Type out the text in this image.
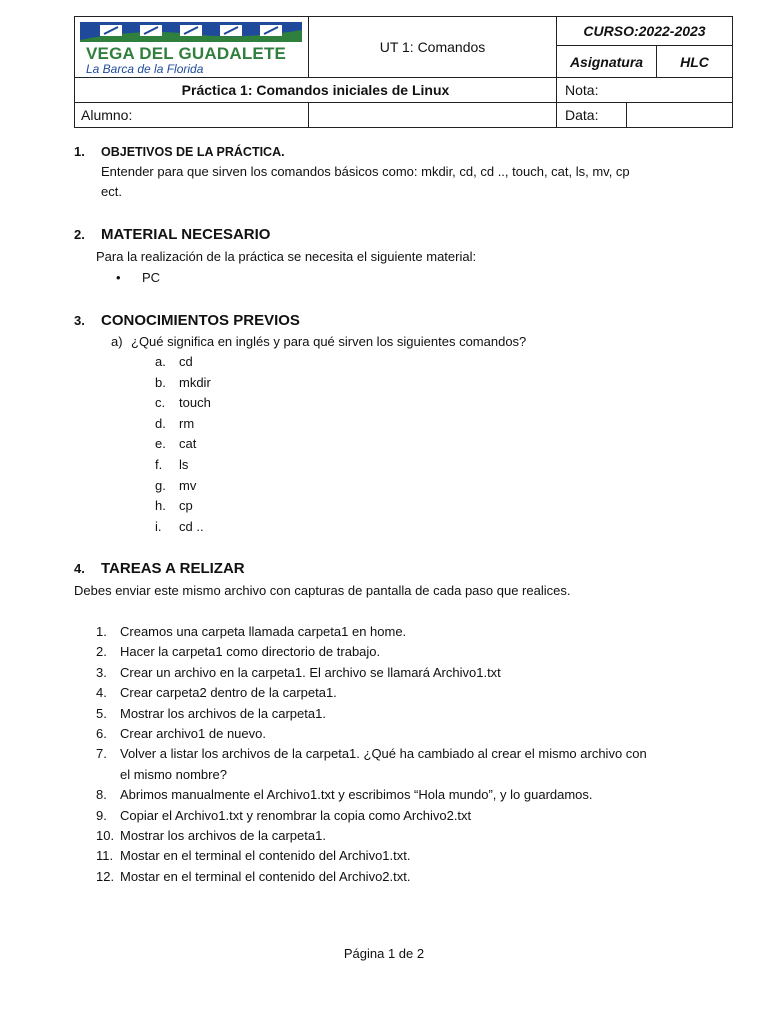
VEGA DEL GUADALETE
La Barca de la Florida	UT 1: Comandos	CURSO:2022-2023		
		Asignatura		HLC
Práctica 1: Comandos iniciales de Linux		Nota:		
Alumno:		Data:		
1. OBJETIVOS DE LA PRÁCTICA.
Entender para que sirven los comandos básicos como: mkdir, cd, cd .., touch, cat, ls, mv, cp
ect.
2. MATERIAL NECESARIO
Para la realización de la práctica se necesita el siguiente material:
• PC
3. CONOCIMIENTOS PREVIOS
a) ¿Qué significa en inglés y para qué sirven los siguientes comandos?
a. cd
b. mkdir
c. touch
d. rm
e. cat
f. ls
g. mv
h. cp
i. cd ..
4. TAREAS A RELIZAR
Debes enviar este mismo archivo con capturas de pantalla de cada paso que realices.
1. Creamos una carpeta llamada carpeta1 en home.
2. Hacer la carpeta1 como directorio de trabajo.
3. Crear un archivo en la carpeta1. El archivo se llamará Archivo1.txt
4. Crear carpeta2 dentro de la carpeta1.
5. Mostrar los archivos de la carpeta1.
6. Crear archivo1 de nuevo.
7. Volver a listar los archivos de la carpeta1. ¿Qué ha cambiado al crear el mismo archivo con
el mismo nombre?
8. Abrimos manualmente el Archivo1.txt y escribimos “Hola mundo”, y lo guardamos.
9. Copiar el Archivo1.txt y renombrar la copia como Archivo2.txt
10. Mostrar los archivos de la carpeta1.
11. Mostar en el terminal el contenido del Archivo1.txt.
12. Mostar en el terminal el contenido del Archivo2.txt.
Página 1 de 2
